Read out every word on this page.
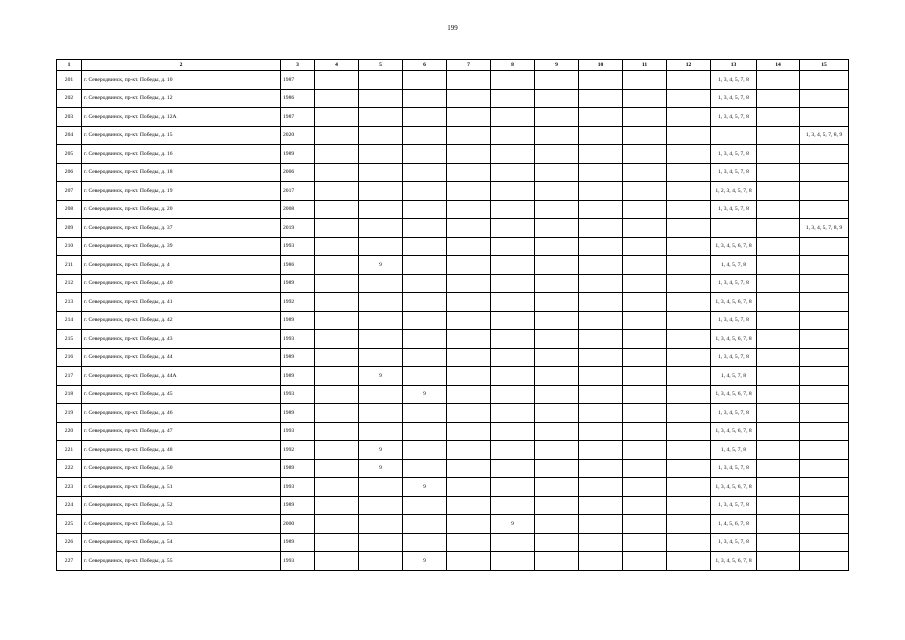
199
1	2	3	4	5	6	7	8	9	10	11	12	13	14	15
201	г. Северодвинск, пр-кт. Победы, д. 10	1987										1, 3, 4, 5, 7, 8		
202	г. Северодвинск, пр-кт. Победы, д. 12	1986										1, 3, 4, 5, 7, 8		
203	г. Северодвинск, пр-кт. Победы, д. 12А	1987										1, 3, 4, 5, 7, 8		
204	г. Северодвинск, пр-кт. Победы, д. 15	2020												1, 3, 4, 5, 7, 8, 9
205	г. Северодвинск, пр-кт. Победы, д. 16	1989										1, 3, 4, 5, 7, 8		
206	г. Северодвинск, пр-кт. Победы, д. 18	2006										1, 3, 4, 5, 7, 8		
207	г. Северодвинск, пр-кт. Победы, д. 19	2017										1, 2, 3, 4, 5, 7, 8		
208	г. Северодвинск, пр-кт. Победы, д. 20	2008										1, 3, 4, 5, 7, 8		
209	г. Северодвинск, пр-кт. Победы, д. 37	2019												1, 3, 4, 5, 7, 8, 9
210	г. Северодвинск, пр-кт. Победы, д. 39	1993										1, 3, 4, 5, 6, 7, 8		
211	г. Северодвинск, пр-кт. Победы, д. 4	1986		9								1, 4, 5, 7, 8		
212	г. Северодвинск, пр-кт. Победы, д. 40	1989										1, 3, 4, 5, 7, 8		
213	г. Северодвинск, пр-кт. Победы, д. 41	1992										1, 3, 4, 5, 6, 7, 8		
214	г. Северодвинск, пр-кт. Победы, д. 42	1989										1, 3, 4, 5, 7, 8		
215	г. Северодвинск, пр-кт. Победы, д. 43	1993										1, 3, 4, 5, 6, 7, 8		
216	г. Северодвинск, пр-кт. Победы, д. 44	1989										1, 3, 4, 5, 7, 8		
217	г. Северодвинск, пр-кт. Победы, д. 44А	1989		9								1, 4, 5, 7, 8		
218	г. Северодвинск, пр-кт. Победы, д. 45	1993			9							1, 3, 4, 5, 6, 7, 8		
219	г. Северодвинск, пр-кт. Победы, д. 46	1989										1, 3, 4, 5, 7, 8		
220	г. Северодвинск, пр-кт. Победы, д. 47	1993										1, 3, 4, 5, 6, 7, 8		
221	г. Северодвинск, пр-кт. Победы, д. 48	1992		9								1, 4, 5, 7, 8		
222	г. Северодвинск, пр-кт. Победы, д. 50	1989		9								1, 3, 4, 5, 7, 8		
223	г. Северодвинск, пр-кт. Победы, д. 51	1993			9							1, 3, 4, 5, 6, 7, 8		
224	г. Северодвинск, пр-кт. Победы, д. 52	1989										1, 3, 4, 5, 7, 8		
225	г. Северодвинск, пр-кт. Победы, д. 53	2000					9					1, 4, 5, 6, 7, 8		
226	г. Северодвинск, пр-кт. Победы, д. 54	1989										1, 3, 4, 5, 7, 8		
227	г. Северодвинск, пр-кт. Победы, д. 55	1993			9							1, 3, 4, 5, 6, 7, 8		
